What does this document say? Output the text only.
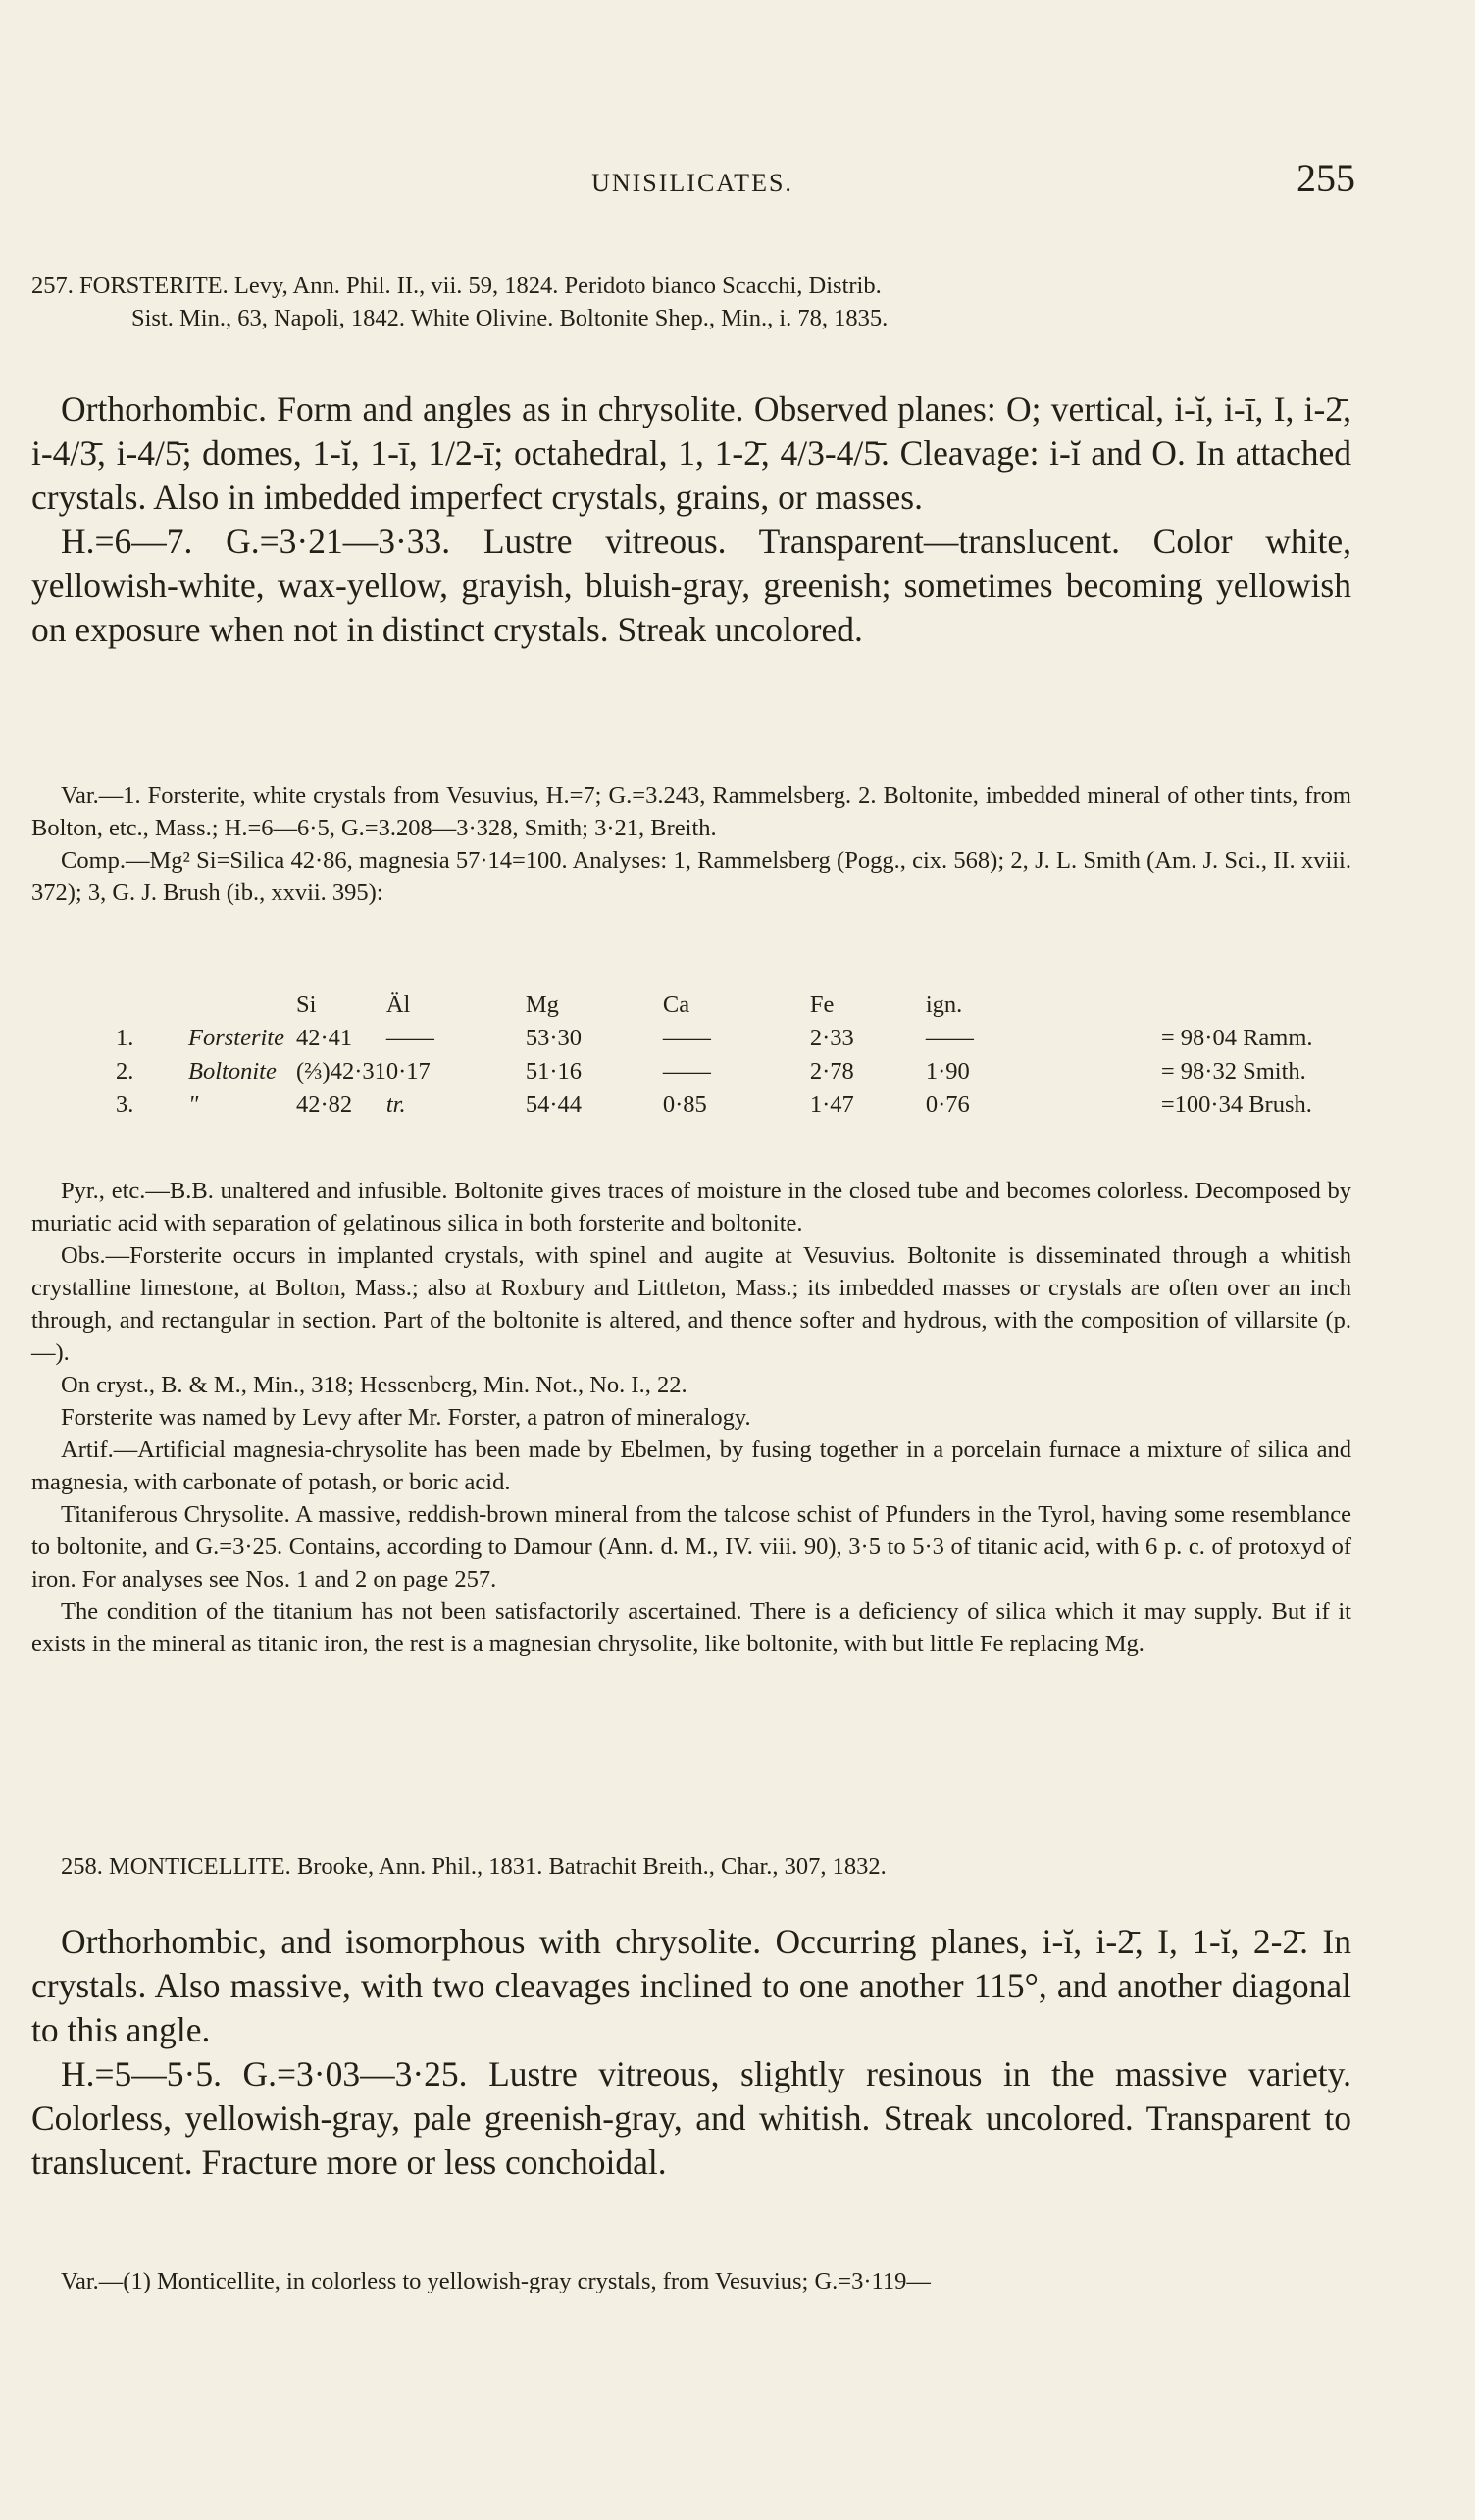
UNISILICATES.	255

257. FORSTERITE. Levy, Ann. Phil. II., vii. 59, 1824. Peridoto bianco Scacchi, Distrib.

Sist. Min., 63, Napoli, 1842. White Olivine. Boltonite Shep., Min., i. 78, 1835.

Orthorhombic. Form and angles as in chrysolite. Observed planes: O; vertical, i-ĭ, i-ī, I, i-2̄, i-4/3̄, i-4/5̄; domes, 1-ĭ, 1-ī, 1/2-ī; octahedral, 1, 1-2̄, 4/3-4/5̄. Cleavage: i-ĭ and O. In attached crystals. Also in imbedded imperfect crystals, grains, or masses.

H.=6—7. G.=3·21—3·33. Lustre vitreous. Transparent—translucent. Color white, yellowish-white, wax-yellow, grayish, bluish-gray, greenish; sometimes becoming yellowish on exposure when not in distinct crystals. Streak uncolored.

Var.—1. Forsterite, white crystals from Vesuvius, H.=7; G.=3.243, Rammelsberg. 2. Boltonite, imbedded mineral of other tints, from Bolton, etc., Mass.; H.=6—6·5, G.=3.208—3·328, Smith; 3·21, Breith.

Comp.—Mg² Si=Silica 42·86, magnesia 57·14=100. Analyses: 1, Rammelsberg (Pogg., cix. 568); 2, J. L. Smith (Am. J. Sci., II. xviii. 372); 3, G. J. Brush (ib., xxvii. 395):

		Si	Äl	Mg	Ca	Fe	ign.	
1.	Forsterite	42·41	——	53·30	——	2·33	——	= 98·04 Ramm.
2.	Boltonite	(⅔)42·31	0·17	51·16	——	2·78	1·90	= 98·32 Smith.
3.	"	42·82	tr.	54·44	0·85	1·47	0·76	=100·34 Brush.

Pyr., etc.—B.B. unaltered and infusible. Boltonite gives traces of moisture in the closed tube and becomes colorless. Decomposed by muriatic acid with separation of gelatinous silica in both forsterite and boltonite.

Obs.—Forsterite occurs in implanted crystals, with spinel and augite at Vesuvius. Boltonite is disseminated through a whitish crystalline limestone, at Bolton, Mass.; also at Roxbury and Littleton, Mass.; its imbedded masses or crystals are often over an inch through, and rectangular in section. Part of the boltonite is altered, and thence softer and hydrous, with the composition of villarsite (p.—).

On cryst., B. & M., Min., 318; Hessenberg, Min. Not., No. I., 22.

Forsterite was named by Levy after Mr. Forster, a patron of mineralogy.

Artif.—Artificial magnesia-chrysolite has been made by Ebelmen, by fusing together in a porcelain furnace a mixture of silica and magnesia, with carbonate of potash, or boric acid.

Titaniferous Chrysolite. A massive, reddish-brown mineral from the talcose schist of Pfunders in the Tyrol, having some resemblance to boltonite, and G.=3·25. Contains, according to Damour (Ann. d. M., IV. viii. 90), 3·5 to 5·3 of titanic acid, with 6 p. c. of protoxyd of iron. For analyses see Nos. 1 and 2 on page 257.

The condition of the titanium has not been satisfactorily ascertained. There is a deficiency of silica which it may supply. But if it exists in the mineral as titanic iron, the rest is a magnesian chrysolite, like boltonite, with but little Fe replacing Mg.

258. MONTICELLITE. Brooke, Ann. Phil., 1831. Batrachit Breith., Char., 307, 1832.

Orthorhombic, and isomorphous with chrysolite. Occurring planes, i-ĭ, i-2̄, I, 1-ĭ, 2-2̄. In crystals. Also massive, with two cleavages inclined to one another 115°, and another diagonal to this angle.

H.=5—5·5. G.=3·03—3·25. Lustre vitreous, slightly resinous in the massive variety. Colorless, yellowish-gray, pale greenish-gray, and whitish. Streak uncolored. Transparent to translucent. Fracture more or less conchoidal.

Var.—(1) Monticellite, in colorless to yellowish-gray crystals, from Vesuvius; G.=3·119—
